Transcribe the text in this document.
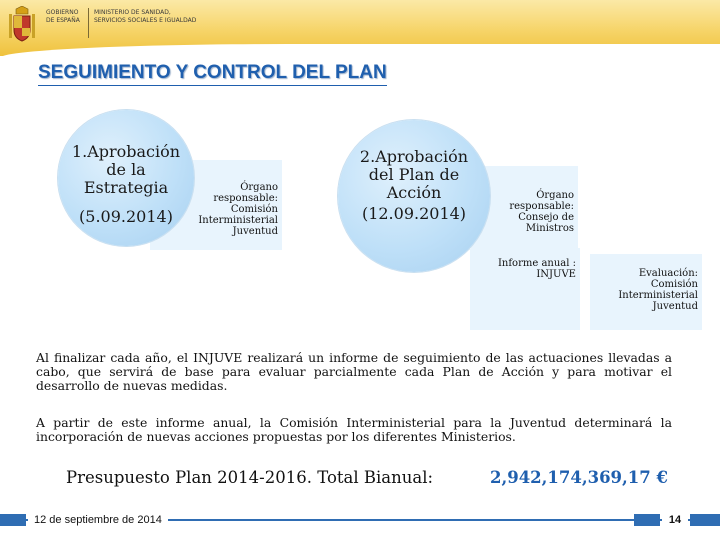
GOBIERNO DE ESPAÑA
MINISTERIO DE SANIDAD, SERVICIOS SOCIALES E IGUALDAD
SEGUIMIENTO Y CONTROL DEL PLAN
Órgano
responsable:
Comisión
Interministerial
Juventud
1.Aprobación
de la
Estrategia
(5.09.2014)
Órgano
responsable:
Consejo de
Ministros
2.Aprobación
del Plan de
Acción
(12.09.2014)
Informe anual :
INJUVE	Evaluación:
Comisión
Interministerial
Juventud
Al finalizar cada año, el INJUVE realizará un informe de seguimiento de las actuaciones llevadas a cabo, que servirá de base para evaluar parcialmente cada Plan de Acción y para motivar el desarrollo de nuevas medidas.
A partir de este informe anual, la Comisión Interministerial para la Juventud determinará la incorporación de nuevas acciones propuestas por los diferentes Ministerios.
Presupuesto Plan 2014-2016. Total Bianual:	2,942,174,369,17 €
12 de septiembre de 2014	14
